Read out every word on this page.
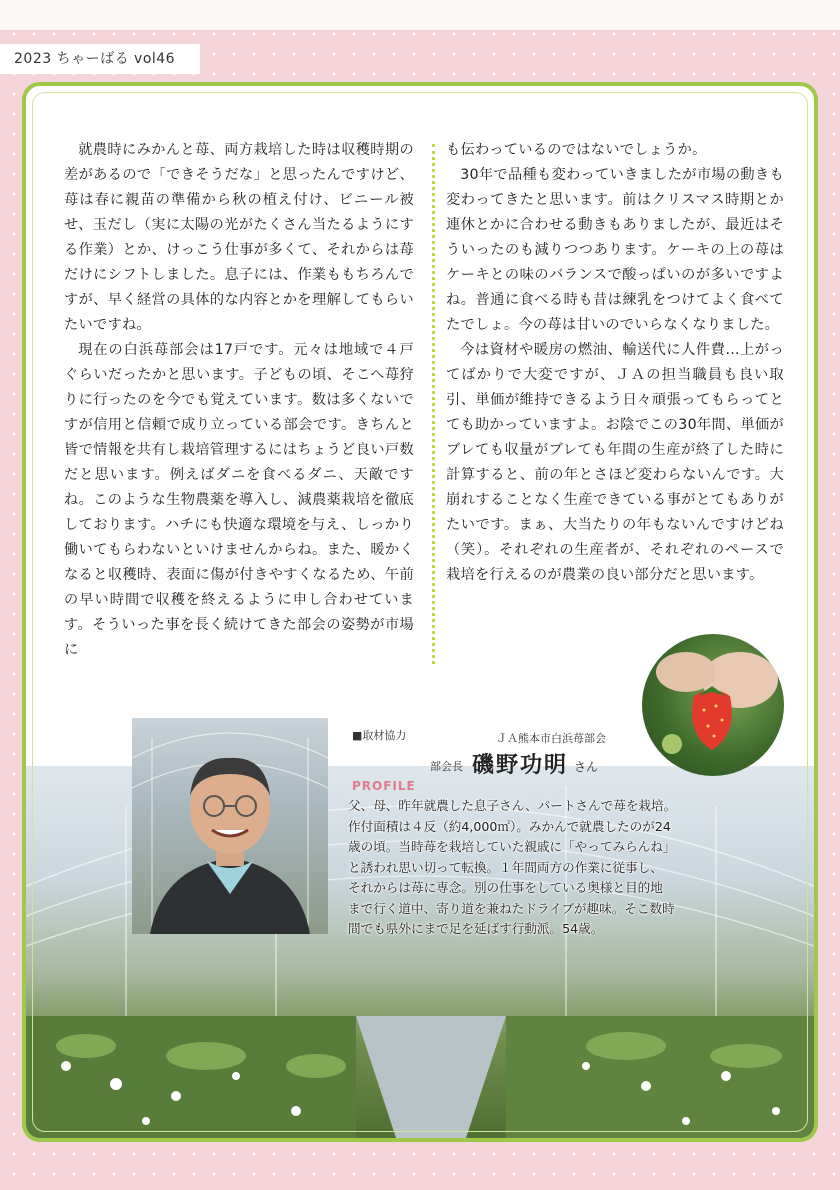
2023 ちゃーばる vol46

就農時にみかんと苺、両方栽培した時は収穫時期の差があるので「できそうだな」と思ったんですけど、苺は春に親苗の準備から秋の植え付け、ビニール被せ、玉だし（実に太陽の光がたくさん当たるようにする作業）とか、けっこう仕事が多くて、それからは苺だけにシフトしました。息子には、作業ももちろんですが、早く経営の具体的な内容とかを理解してもらいたいですね。

現在の白浜苺部会は17戸です。元々は地域で４戸ぐらいだったかと思います。子どもの頃、そこへ苺狩りに行ったのを今でも覚えています。数は多くないですが信用と信頼で成り立っている部会です。きちんと皆で情報を共有し栽培管理するにはちょうど良い戸数だと思います。例えばダニを食べるダニ、天敵ですね。このような生物農薬を導入し、減農薬栽培を徹底しております。ハチにも快適な環境を与え、しっかり働いてもらわないといけませんからね。また、暖かくなると収穫時、表面に傷が付きやすくなるため、午前の早い時間で収穫を終えるように申し合わせています。そういった事を長く続けてきた部会の姿勢が市場に

も伝わっているのではないでしょうか。

30年で品種も変わっていきましたが市場の動きも変わってきたと思います。前はクリスマス時期とか連休とかに合わせる動きもありましたが、最近はそういったのも減りつつあります。ケーキの上の苺はケーキとの味のバランスで酸っぱいのが多いですよね。普通に食べる時も昔は練乳をつけてよく食べてたでしょ。今の苺は甘いのでいらなくなりました。

今は資材や暖房の燃油、輸送代に人件費…上がってばかりで大変ですが、ＪＡの担当職員も良い取引、単価が維持できるよう日々頑張ってもらってとても助かっていますよ。お陰でこの30年間、単価がブレても収量がブレても年間の生産が終了した時に計算すると、前の年とさほど変わらないんです。大崩れすることなく生産できている事がとてもありがたいです。まぁ、大当たりの年もないんですけどね（笑）。それぞれの生産者が、それぞれのペースで栽培を行えるのが農業の良い部分だと思います。

■取材協力	ＪＡ熊本市白浜苺部会
部会長 磯野功明 さん
PROFILE
父、母、昨年就農した息子さん、パートさんで苺を栽培。
作付面積は４反（約4,000㎡）。みかんで就農したのが24
歳の頃。当時苺を栽培していた親戚に「やってみらんね」
と誘われ思い切って転換。１年間両方の作業に従事し、
それからは苺に専念。別の仕事をしている奥様と目的地
まで行く道中、寄り道を兼ねたドライブが趣味。そこ数時
間でも県外にまで足を延ばす行動派。54歳。
